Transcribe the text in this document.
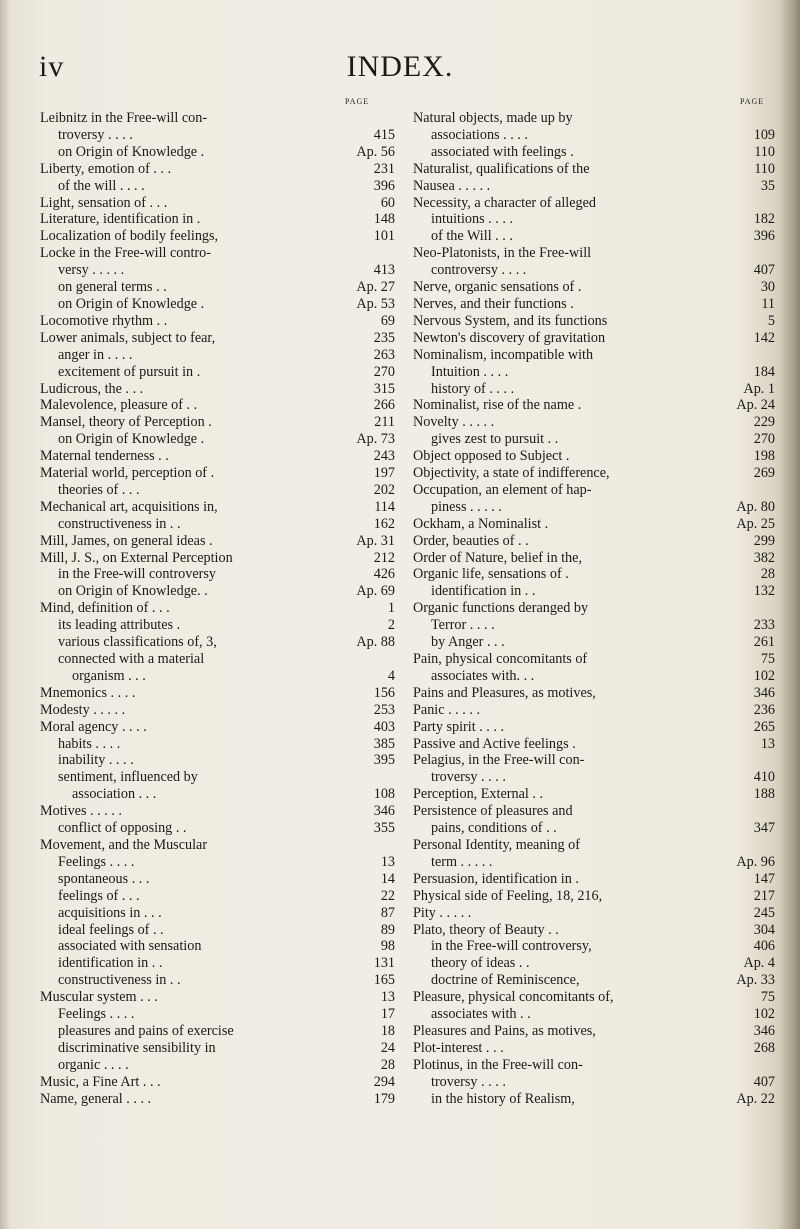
iv	INDEX.
PAGE	PAGE
Leibnitz in the Free-will con-
troversy . . . .	415
on Origin of Knowledge .	Ap. 56
Liberty, emotion of . . .	231
of the will . . . .	396
Light, sensation of . . .	60
Literature, identification in .	148
Localization of bodily feelings,	101
Locke in the Free-will contro-
versy . . . . .	413
on general terms . .	Ap. 27
on Origin of Knowledge .	Ap. 53
Locomotive rhythm . .	69
Lower animals, subject to fear,	235
anger in . . . .	263
excitement of pursuit in .	270
Ludicrous, the . . .	315
Malevolence, pleasure of . .	266
Mansel, theory of Perception .	211
on Origin of Knowledge .	Ap. 73
Maternal tenderness . .	243
Material world, perception of .	197
theories of . . .	202
Mechanical art, acquisitions in,	114
constructiveness in . .	162
Mill, James, on general ideas .	Ap. 31
Mill, J. S., on External Perception	212
in the Free-will controversy	426
on Origin of Knowledge. .	Ap. 69
Mind, definition of . . .	1
its leading attributes .	2
various classifications of, 3,	Ap. 88
connected with a material
organism . . .	4
Mnemonics . . . .	156
Modesty . . . . .	253
Moral agency . . . .	403
habits . . . .	385
inability . . . .	395
sentiment, influenced by
association . . .	108
Motives . . . . .	346
conflict of opposing . .	355
Movement, and the Muscular
Feelings . . . .	13
spontaneous . . .	14
feelings of . . .	22
acquisitions in . . .	87
ideal feelings of . .	89
associated with sensation	98
identification in . .	131
constructiveness in . .	165
Muscular system . . .	13
Feelings . . . .	17
pleasures and pains of exercise	18
discriminative sensibility in	24
organic . . . .	28
Music, a Fine Art . . .	294
Name, general . . . .	179
Natural objects, made up by
associations . . . .	109
associated with feelings .	110
Naturalist, qualifications of the	110
Nausea . . . . .	35
Necessity, a character of alleged
intuitions . . . .	182
of the Will . . .	396
Neo-Platonists, in the Free-will
controversy . . . .	407
Nerve, organic sensations of .	30
Nerves, and their functions .	11
Nervous System, and its functions	5
Newton's discovery of gravitation	142
Nominalism, incompatible with
Intuition . . . .	184
history of . . . .	Ap. 1
Nominalist, rise of the name .	Ap. 24
Novelty . . . . .	229
gives zest to pursuit . .	270
Object opposed to Subject .	198
Objectivity, a state of indifference,	269
Occupation, an element of hap-
piness . . . . .	Ap. 80
Ockham, a Nominalist .	Ap. 25
Order, beauties of . .	299
Order of Nature, belief in the,	382
Organic life, sensations of .	28
identification in . .	132
Organic functions deranged by
Terror . . . .	233
by Anger . . .	261
Pain, physical concomitants of	75
associates with. . .	102
Pains and Pleasures, as motives,	346
Panic . . . . .	236
Party spirit . . . .	265
Passive and Active feelings .	13
Pelagius, in the Free-will con-
troversy . . . .	410
Perception, External . .	188
Persistence of pleasures and
pains, conditions of . .	347
Personal Identity, meaning of
term . . . . .	Ap. 96
Persuasion, identification in .	147
Physical side of Feeling, 18, 216,	217
Pity . . . . .	245
Plato, theory of Beauty . .	304
in the Free-will controversy,	406
theory of ideas . .	Ap. 4
doctrine of Reminiscence,	Ap. 33
Pleasure, physical concomitants of,	75
associates with . .	102
Pleasures and Pains, as motives,	346
Plot-interest . . .	268
Plotinus, in the Free-will con-
troversy . . . .	407
in the history of Realism,	Ap. 22
